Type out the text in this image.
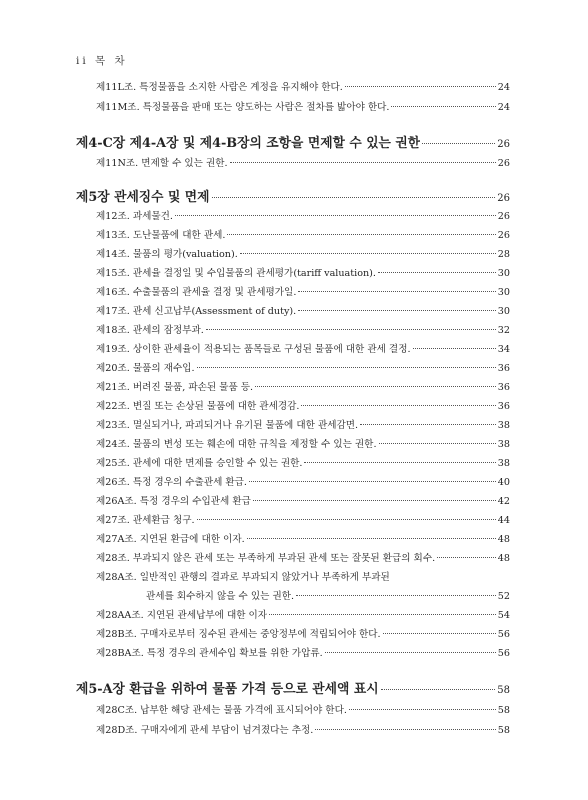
ii 목 차
제11L조. 특정물품을 소지한 사람은 계정을 유지해야 한다.	24
제11M조. 특정물품을 판매 또는 양도하는 사람은 절차를 밟아야 한다.	24
제4-C장 제4-A장 및 제4-B장의 조항을 면제할 수 있는 권한	26
제11N조. 면제할 수 있는 권한.	26
제5장 관세징수 및 면제	26
제12조. 과세물건.	26
제13조. 도난물품에 대한 관세.	26
제14조. 물품의 평가(valuation).	28
제15조. 관세율 결정일 및 수입물품의 관세평가(tariff valuation).	30
제16조. 수출물품의 관세율 결정 및 관세평가일.	30
제17조. 관세 신고납부(Assessment of duty).	30
제18조. 관세의 잠정부과.	32
제19조. 상이한 관세율이 적용되는 품목들로 구성된 물품에 대한 관세 결정.	34
제20조. 물품의 재수입.	36
제21조. 버려진 물품, 파손된 물품 등.	36
제22조. 변질 또는 손상된 물품에 대한 관세경감.	36
제23조. 멸실되거나, 파괴되거나 유기된 물품에 대한 관세감면.	38
제24조. 물품의 변성 또는 훼손에 대한 규칙을 제정할 수 있는 권한.	38
제25조. 관세에 대한 면제를 승인할 수 있는 권한.	38
제26조. 특정 경우의 수출관세 환급.	40
제26A조. 특정 경우의 수입관세 환급	42
제27조. 관세환급 청구.	44
제27A조. 지연된 환급에 대한 이자.	48
제28조. 부과되지 않은 관세 또는 부족하게 부과된 관세 또는 잘못된 환급의 회수.	48
제28A조. 일반적인 관행의 결과로 부과되지 않았거나 부족하게 부과된
관세를 회수하지 않을 수 있는 권한.	52
제28AA조. 지연된 관세납부에 대한 이자	54
제28B조. 구매자로부터 징수된 관세는 중앙정부에 적립되어야 한다.	56
제28BA조. 특정 경우의 관세수입 확보를 위한 가압류.	56
제5-A장 환급을 위하여 물품 가격 등으로 관세액 표시	58
제28C조. 납부한 해당 관세는 물품 가격에 표시되어야 한다.	58
제28D조. 구매자에게 관세 부담이 넘겨졌다는 추정.	58
